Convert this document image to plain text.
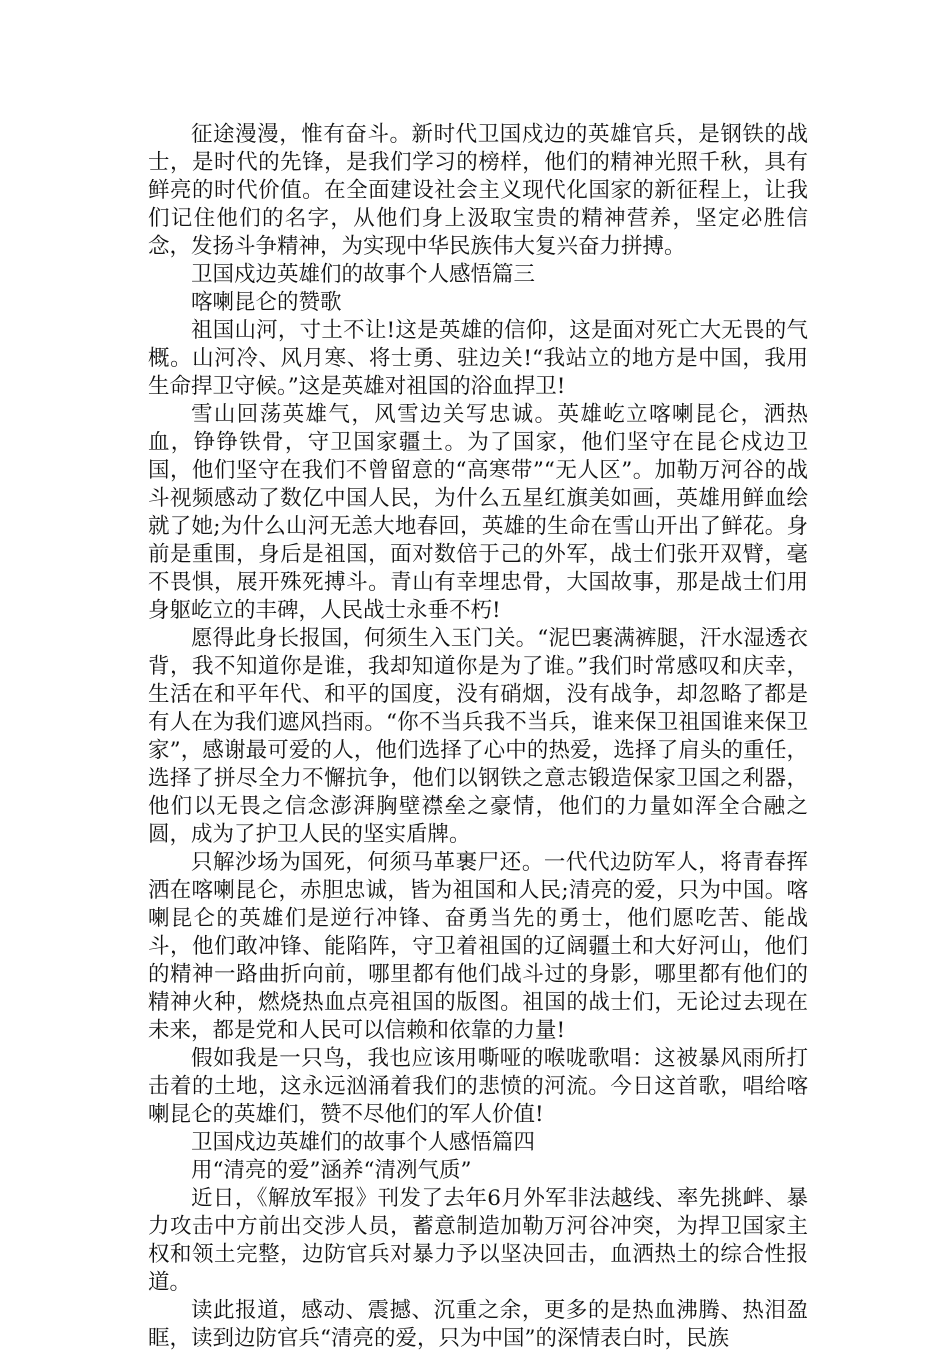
征途漫漫，惟有奋斗。新时代卫国戍边的英雄官兵，是钢铁的战士，是时代的先锋，是我们学习的榜样，他们的精神光照千秋，具有鲜亮的时代价值。在全面建设社会主义现代化国家的新征程上，让我们记住他们的名字，从他们身上汲取宝贵的精神营养，坚定必胜信念，发扬斗争精神，为实现中华民族伟大复兴奋力拼搏。

卫国戍边英雄们的故事个人感悟篇三

喀喇昆仑的赞歌

祖国山河，寸土不让!这是英雄的信仰，这是面对死亡大无畏的气概。山河冷、风月寒、将士勇、驻边关!“我站立的地方是中国，我用生命捍卫守候。”这是英雄对祖国的浴血捍卫!

雪山回荡英雄气，风雪边关写忠诚。英雄屹立喀喇昆仑，洒热血，铮铮铁骨，守卫国家疆土。为了国家，他们坚守在昆仑戍边卫国，他们坚守在我们不曾留意的“高寒带”“无人区”。加勒万河谷的战斗视频感动了数亿中国人民，为什么五星红旗美如画，英雄用鲜血绘就了她;为什么山河无恙大地春回，英雄的生命在雪山开出了鲜花。身前是重围，身后是祖国，面对数倍于己的外军，战士们张开双臂，毫不畏惧，展开殊死搏斗。青山有幸埋忠骨，大国故事，那是战士们用身躯屹立的丰碑，人民战士永垂不朽!

愿得此身长报国，何须生入玉门关。“泥巴裹满裤腿，汗水湿透衣背，我不知道你是谁，我却知道你是为了谁。”我们时常感叹和庆幸，生活在和平年代、和平的国度，没有硝烟，没有战争，却忽略了都是有人在为我们遮风挡雨。“你不当兵我不当兵，谁来保卫祖国谁来保卫家”，感谢最可爱的人，他们选择了心中的热爱，选择了肩头的重任，选择了拼尽全力不懈抗争，他们以钢铁之意志锻造保家卫国之利器，他们以无畏之信念澎湃胸壁襟垒之豪情，他们的力量如浑全合融之圆，成为了护卫人民的坚实盾牌。

只解沙场为国死，何须马革裹尸还。一代代边防军人，将青春挥洒在喀喇昆仑，赤胆忠诚，皆为祖国和人民;清亮的爱，只为中国。喀喇昆仑的英雄们是逆行冲锋、奋勇当先的勇士，他们愿吃苦、能战斗，他们敢冲锋、能陷阵，守卫着祖国的辽阔疆土和大好河山，他们的精神一路曲折向前，哪里都有他们战斗过的身影，哪里都有他们的精神火种，燃烧热血点亮祖国的版图。祖国的战士们，无论过去现在未来，都是党和人民可以信赖和依靠的力量!

假如我是一只鸟，我也应该用嘶哑的喉咙歌唱：这被暴风雨所打击着的土地，这永远汹涌着我们的悲愤的河流。今日这首歌，唱给喀喇昆仑的英雄们，赞不尽他们的军人价值!

卫国戍边英雄们的故事个人感悟篇四

用“清亮的爱”涵养“清冽气质”

近日，《解放军报》刊发了去年6月外军非法越线、率先挑衅、暴力攻击中方前出交涉人员，蓄意制造加勒万河谷冲突，为捍卫国家主权和领土完整，边防官兵对暴力予以坚决回击，血洒热土的综合性报道。

读此报道，感动、震撼、沉重之余，更多的是热血沸腾、热泪盈眶，读到边防官兵“清亮的爱，只为中国”的深情表白时，民族
